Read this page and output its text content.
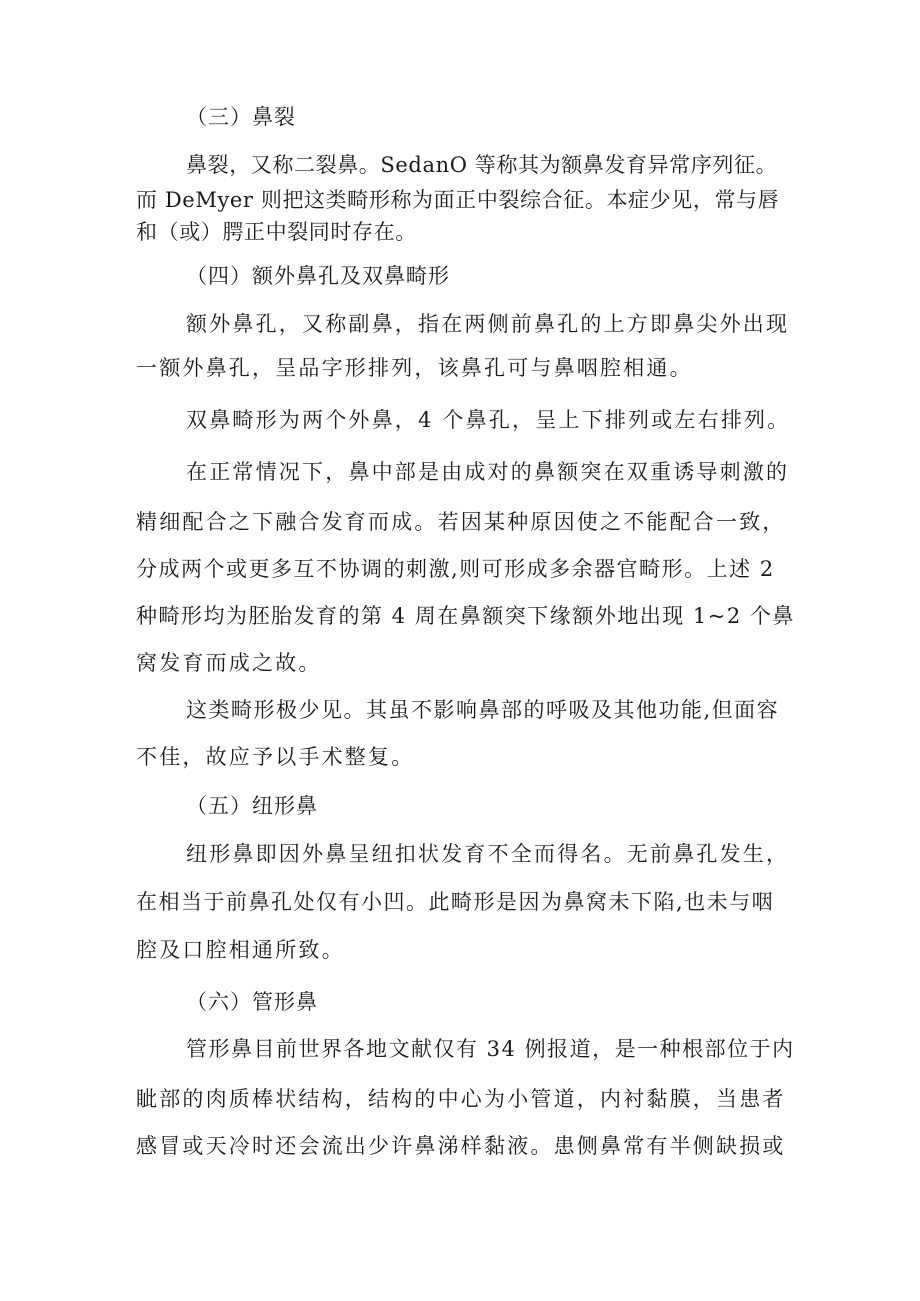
（三）鼻裂
鼻裂，又称二裂鼻。SedanO 等称其为额鼻发育异常序列征。
而 DeMyer 则把这类畸形称为面正中裂综合征。本症少见，常与唇
和（或）腭正中裂同时存在。
（四）额外鼻孔及双鼻畸形
额外鼻孔，又称副鼻，指在两侧前鼻孔的上方即鼻尖外出现
一额外鼻孔，呈品字形排列，该鼻孔可与鼻咽腔相通。
双鼻畸形为两个外鼻，4 个鼻孔，呈上下排列或左右排列。
在正常情况下，鼻中部是由成对的鼻额突在双重诱导刺激的
精细配合之下融合发育而成。若因某种原因使之不能配合一致，
分成两个或更多互不协调的刺激,则可形成多余器官畸形。上述 2
种畸形均为胚胎发育的第 4 周在鼻额突下缘额外地出现 1~2 个鼻
窝发育而成之故。
这类畸形极少见。其虽不影响鼻部的呼吸及其他功能,但面容
不佳，故应予以手术整复。
（五）纽形鼻
纽形鼻即因外鼻呈纽扣状发育不全而得名。无前鼻孔发生，
在相当于前鼻孔处仅有小凹。此畸形是因为鼻窝未下陷,也未与咽
腔及口腔相通所致。
（六）管形鼻
管形鼻目前世界各地文献仅有 34 例报道，是一种根部位于内
眦部的肉质棒状结构，结构的中心为小管道，内衬黏膜，当患者
感冒或天冷时还会流出少许鼻涕样黏液。患侧鼻常有半侧缺损或
